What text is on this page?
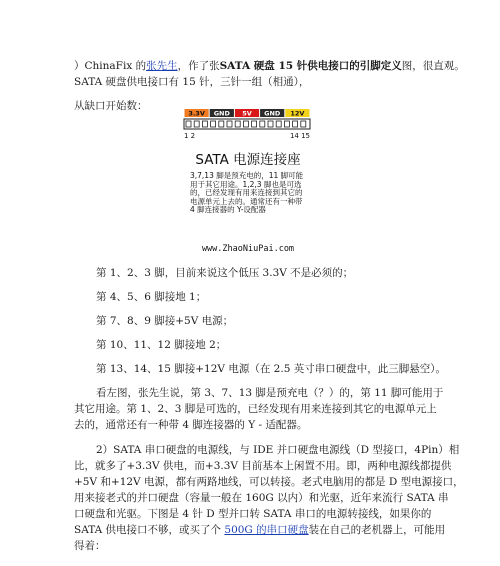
）ChinaFix 的张先生，作了张SATA 硬盘 15 针供电接口的引脚定义图，很直观。
SATA 硬盘供电接口有 15 针，三针一组（相通），
从缺口开始数：
3.3V GND 5V GND 12V
1 2	14 15
SATA 电源连接座
3,7,13 脚是预充电的，11 脚可能用于其它用途。1,2,3 脚也是可选的，已经发现有用来连接到其它的电源单元上去的。通常还有一种带 4 脚连接器的 Y-设配器
www.ZhaoNiuPai.com
第 1、2、3 脚，目前来说这个低压 3.3V 不是必须的；
第 4、5、6 脚接地 1；
第 7、8、9 脚接+5V 电源；
第 10、11、12 脚接地 2；
第 13、14、15 脚接+12V 电源（在 2.5 英寸串口硬盘中，此三脚悬空）。
看左图，张先生说，第 3、7、13 脚是预充电（？）的，第 11 脚可能用于
其它用途。第 1、2、3 脚是可选的，已经发现有用来连接到其它的电源单元上
去的，通常还有一种带 4 脚连接器的 Y - 适配器。
2）SATA 串口硬盘的电源线，与 IDE 并口硬盘电源线（D 型接口，4Pin）相
比，就多了+3.3V 供电，而+3.3V 目前基本上闲置不用。即，两种电源线都提供
+5V 和+12V 电源，都有两路地线，可以转接。老式电脑用的都是 D 型电源接口，
用来接老式的并口硬盘（容量一般在 160G 以内）和光驱，近年来流行 SATA 串
口硬盘和光驱。下图是 4 针 D 型并口转 SATA 串口的电源转接线，如果你的
SATA 供电接口不够，或买了个 500G 的串口硬盘装在自己的老机器上，可能用
得着：
